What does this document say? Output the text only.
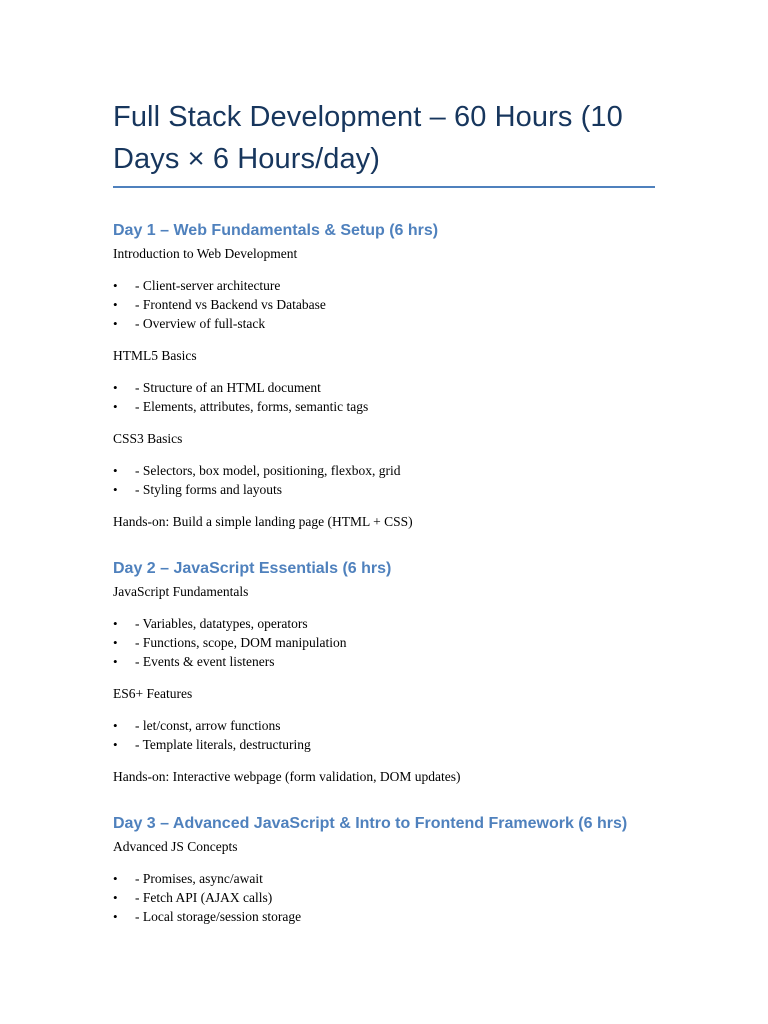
Full Stack Development – 60 Hours (10 Days × 6 Hours/day)
Day 1 – Web Fundamentals & Setup (6 hrs)

Introduction to Web Development

• - Client-server architecture
• - Frontend vs Backend vs Database
• - Overview of full-stack

HTML5 Basics

• - Structure of an HTML document
• - Elements, attributes, forms, semantic tags

CSS3 Basics

• - Selectors, box model, positioning, flexbox, grid
• - Styling forms and layouts

Hands-on: Build a simple landing page (HTML + CSS)

Day 2 – JavaScript Essentials (6 hrs)

JavaScript Fundamentals

• - Variables, datatypes, operators
• - Functions, scope, DOM manipulation
• - Events & event listeners

ES6+ Features

• - let/const, arrow functions
• - Template literals, destructuring

Hands-on: Interactive webpage (form validation, DOM updates)

Day 3 – Advanced JavaScript & Intro to Frontend Framework (6 hrs)

Advanced JS Concepts

• - Promises, async/await
• - Fetch API (AJAX calls)
• - Local storage/session storage
